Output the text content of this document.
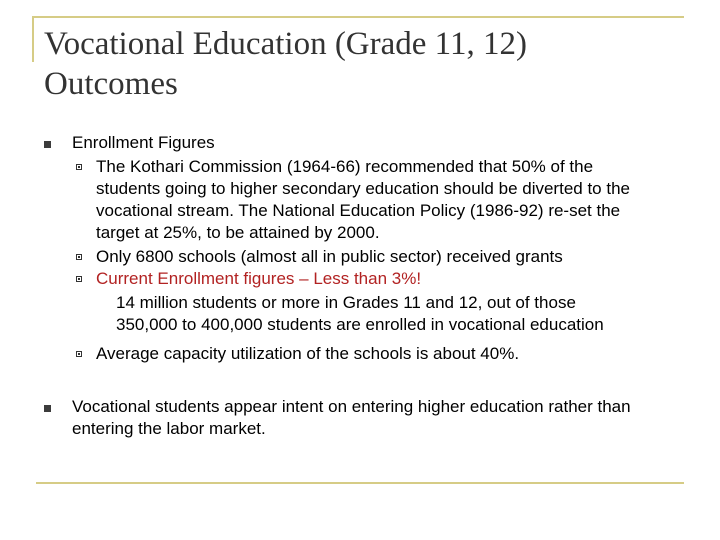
Vocational Education (Grade 11, 12)
Outcomes

Enrollment Figures

The Kothari Commission (1964-66) recommended that 50% of the

students going to higher secondary education should be diverted to the

vocational stream. The National Education Policy (1986-92) re-set the

target at 25%, to be attained by 2000.

Only 6800 schools (almost all in public sector) received grants

Current Enrollment figures – Less than 3%!

14 million students or more in Grades 11 and 12, out of those

350,000 to 400,000 students are enrolled in vocational education

Average capacity utilization of the schools is about 40%.

Vocational students appear intent on entering higher education rather than

entering the labor market.
